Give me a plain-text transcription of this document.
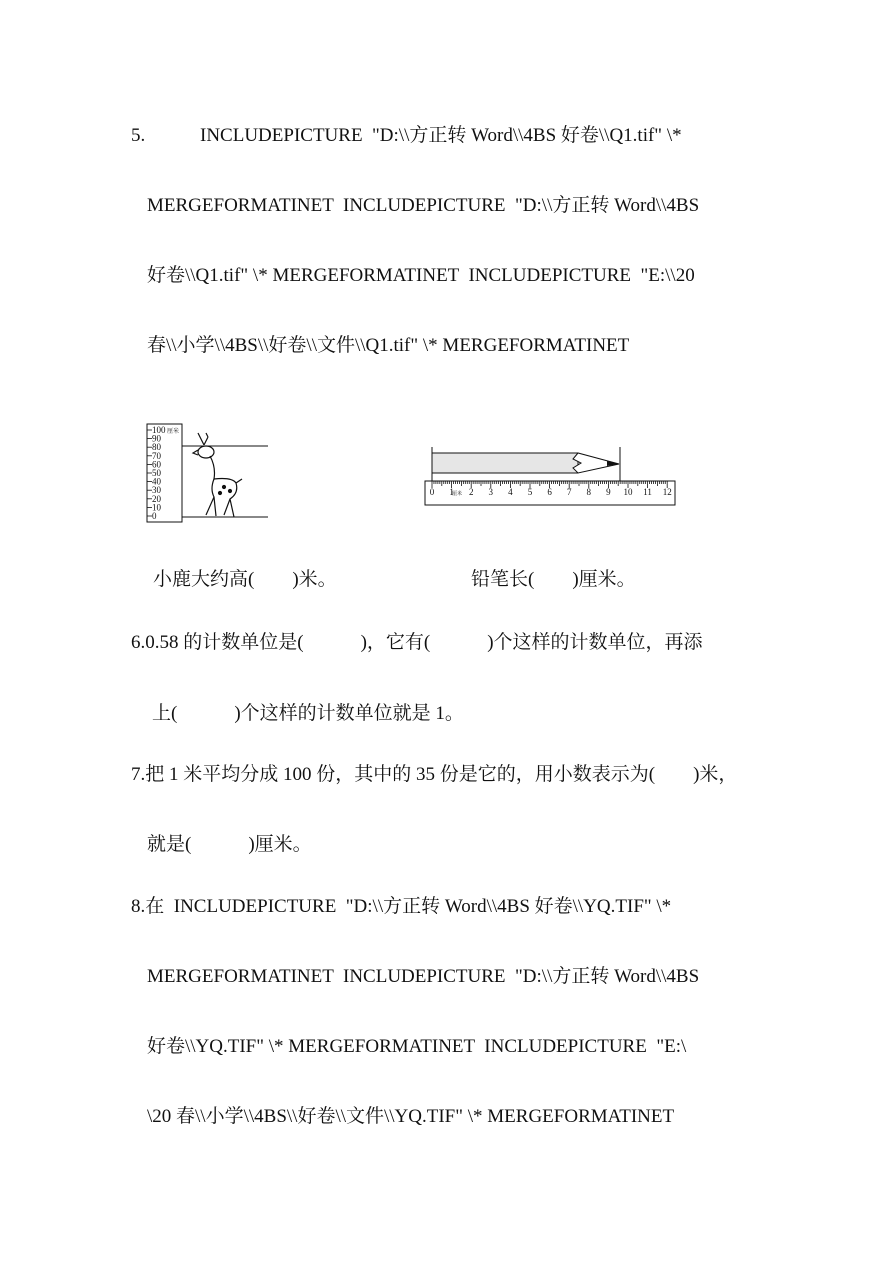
5.	INCLUDEPICTURE  "D:\\方正转 Word\\4BS 好卷\\Q1.tif" \*
MERGEFORMATINET  INCLUDEPICTURE  "D:\\方正转 Word\\4BS
好卷\\Q1.tif" \* MERGEFORMATINET  INCLUDEPICTURE  "E:\\20
春\\小学\\4BS\\好卷\\文件\\Q1.tif" \* MERGEFORMATINET
100
90
80
70
60
50
40
30
20
10
0
厘米
0 1 2 3 4 5 6 7 8 9 10 11 12
厘米
小鹿大约高(        )米。	铅笔长(        )厘米。
6.0.58 的计数单位是(            )，它有(            )个这样的计数单位，再添
上(            )个这样的计数单位就是 1。
7.把 1 米平均分成 100 份，其中的 35 份是它的，用小数表示为(        )米，
就是(            )厘米。
8.在  INCLUDEPICTURE  "D:\\方正转 Word\\4BS 好卷\\YQ.TIF" \*
MERGEFORMATINET  INCLUDEPICTURE  "D:\\方正转 Word\\4BS
好卷\\YQ.TIF" \* MERGEFORMATINET  INCLUDEPICTURE  "E:\
\20 春\\小学\\4BS\\好卷\\文件\\YQ.TIF" \* MERGEFORMATINET
